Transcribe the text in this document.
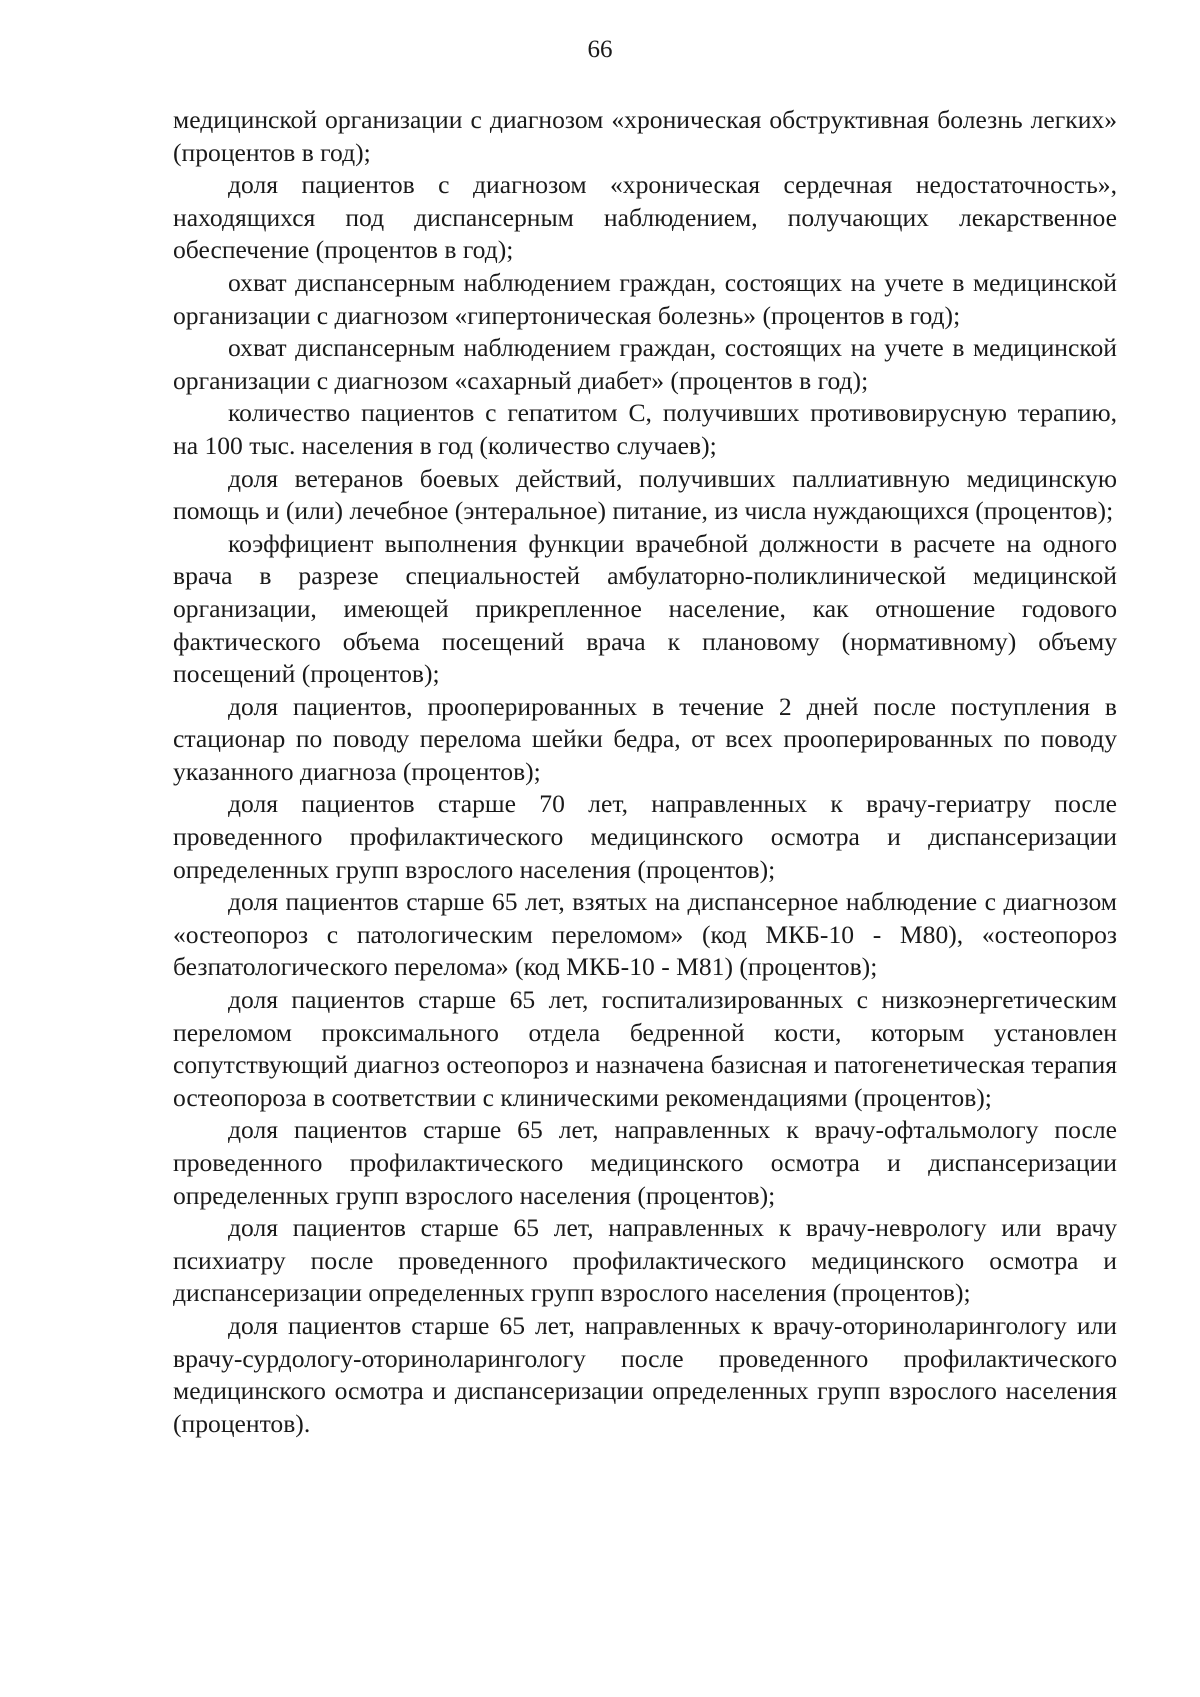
66

медицинской организации с диагнозом «хроническая обструктивная болезнь легких» (процентов в год);

доля пациентов с диагнозом «хроническая сердечная недостаточность», находящихся под диспансерным наблюдением, получающих лекарственное обеспечение (процентов в год);

охват диспансерным наблюдением граждан, состоящих на учете в медицинской организации с диагнозом «гипертоническая болезнь» (процентов в год);

охват диспансерным наблюдением граждан, состоящих на учете в медицинской организации с диагнозом «сахарный диабет» (процентов в год);

количество пациентов с гепатитом С, получивших противовирусную терапию, на 100 тыс. населения в год (количество случаев);

доля ветеранов боевых действий, получивших паллиативную медицинскую помощь и (или) лечебное (энтеральное) питание, из числа нуждающихся (процентов);

коэффициент выполнения функции врачебной должности в расчете на одного врача в разрезе специальностей амбулаторно-поликлинической медицинской организации, имеющей прикрепленное население, как отношение годового фактического объема посещений врача к плановому (нормативному) объему посещений (процентов);

доля пациентов, прооперированных в течение 2 дней после поступления в стационар по поводу перелома шейки бедра, от всех прооперированных по поводу указанного диагноза (процентов);

доля пациентов старше 70 лет, направленных к врачу-гериатру после проведенного профилактического медицинского осмотра и диспансеризации определенных групп взрослого населения (процентов);

доля пациентов старше 65 лет, взятых на диспансерное наблюдение с диагнозом «остеопороз с патологическим переломом» (код МКБ-10 - М80), «остеопороз безпатологического перелома» (код МКБ-10 - М81) (процентов);

доля пациентов старше 65 лет, госпитализированных с низкоэнергетическим переломом проксимального отдела бедренной кости, которым установлен сопутствующий диагноз остеопороз и назначена базисная и патогенетическая терапия остеопороза в соответствии с клиническими рекомендациями (процентов);

доля пациентов старше 65 лет, направленных к врачу-офтальмологу после проведенного профилактического медицинского осмотра и диспансеризации определенных групп взрослого населения (процентов);

доля пациентов старше 65 лет, направленных к врачу-неврологу или врачу психиатру после проведенного профилактического медицинского осмотра и диспансеризации определенных групп взрослого населения (процентов);

доля пациентов старше 65 лет, направленных к врачу-оториноларингологу или врачу-сурдологу-оториноларингологу после проведенного профилактического медицинского осмотра и диспансеризации определенных групп взрослого населения (процентов).
